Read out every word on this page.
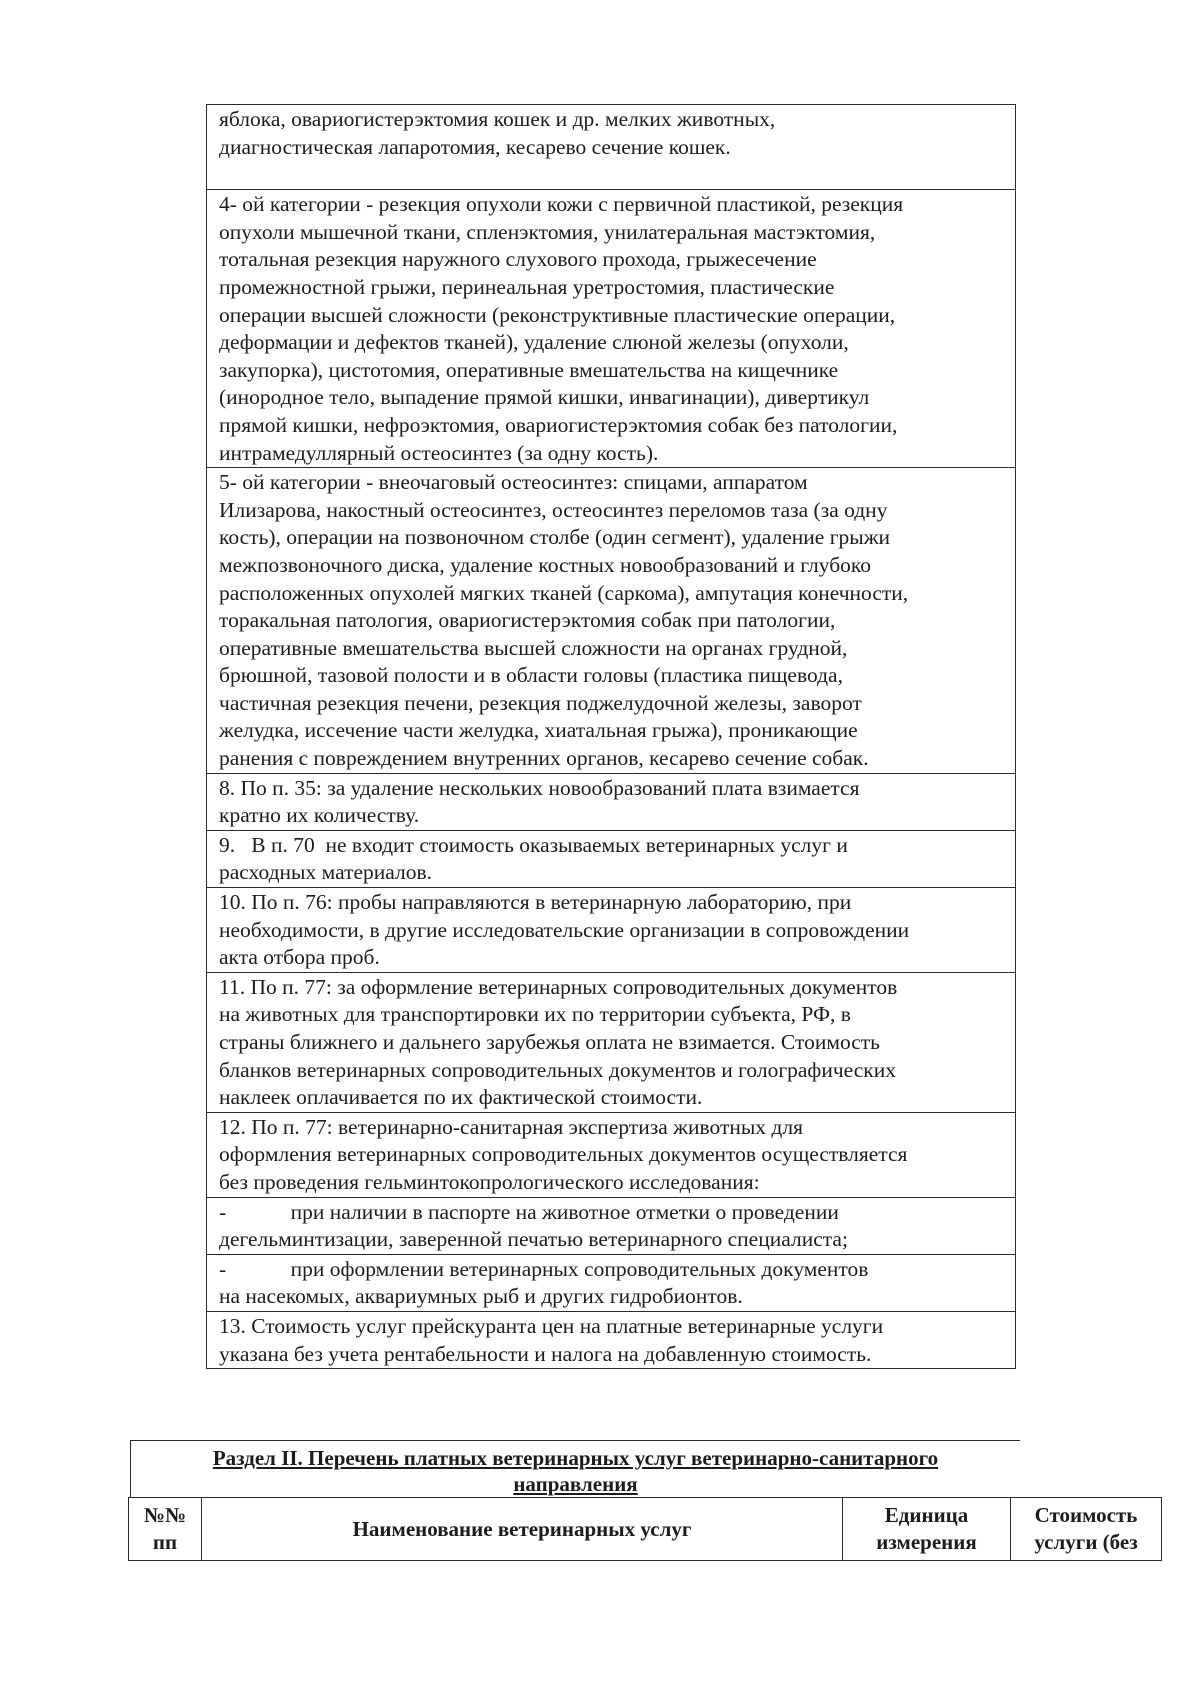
яблока, овариогистерэктомия кошек и др. мелких животных,
диагностическая лапаротомия, кесарево сечение кошек.
4- ой категории - резекция опухоли кожи с первичной пластикой, резекция
опухоли мышечной ткани, спленэктомия, унилатеральная мастэктомия,
тотальная резекция наружного слухового прохода, грыжесечение
промежностной грыжи, перинеальная уретростомия, пластические
операции высшей сложности (реконструктивные пластические операции,
деформации и дефектов тканей), удаление слюной железы (опухоли,
закупорка), цистотомия, оперативные вмешательства на кищечнике
(инородное тело, выпадение прямой кишки, инвагинации), дивертикул
прямой кишки, нефроэктомия, овариогистерэктомия собак без патологии,
интрамедуллярный остеосинтез (за одну кость).
5- ой категории - внеочаговый остеосинтез: спицами, аппаратом
Илизарова, накостный остеосинтез, остеосинтез переломов таза (за одну
кость), операции на позвоночном столбе (один сегмент), удаление грыжи
межпозвоночного диска, удаление костных новообразований и глубоко
расположенных опухолей мягких тканей (саркома), ампутация конечности,
торакальная патология, овариогистерэктомия собак при патологии,
оперативные вмешательства высшей сложности на органах грудной,
брюшной, тазовой полости и в области головы (пластика пищевода,
частичная резекция печени, резекция поджелудочной железы, заворот
желудка, иссечение части желудка, хиатальная грыжа), проникающие
ранения с повреждением внутренних органов, кесарево сечение собак.
8. По п. 35: за удаление нескольких новообразований плата взимается
кратно их количеству.
9.   В п. 70  не входит стоимость оказываемых ветеринарных услуг и
расходных материалов.
10. По п. 76: пробы направляются в ветеринарную лабораторию, при
необходимости, в другие исследовательские организации в сопровождении
акта отбора проб.
11. По п. 77: за оформление ветеринарных сопроводительных документов
на животных для транспортировки их по территории субъекта, РФ, в
страны ближнего и дальнего зарубежья оплата не взимается. Стоимость
бланков ветеринарных сопроводительных документов и голографических
наклеек оплачивается по их фактической стоимости.
12. По п. 77: ветеринарно-санитарная экспертиза животных для
оформления ветеринарных сопроводительных документов осуществляется
без проведения гельминтокопрологического исследования:
-            при наличии в паспорте на животное отметки о проведении
дегельминтизации, заверенной печатью ветеринарного специалиста;
-            при оформлении ветеринарных сопроводительных документов
на насекомых, аквариумных рыб и других гидробионтов.
13. Стоимость услуг прейскуранта цен на платные ветеринарные услуги
указана без учета рентабельности и налога на добавленную стоимость.
Раздел II. Перечень платных ветеринарных услуг ветеринарно-санитарного
направления
№№
пп
Наименование ветеринарных услуг
Единица
измерения
Стоимость
услуги (без
